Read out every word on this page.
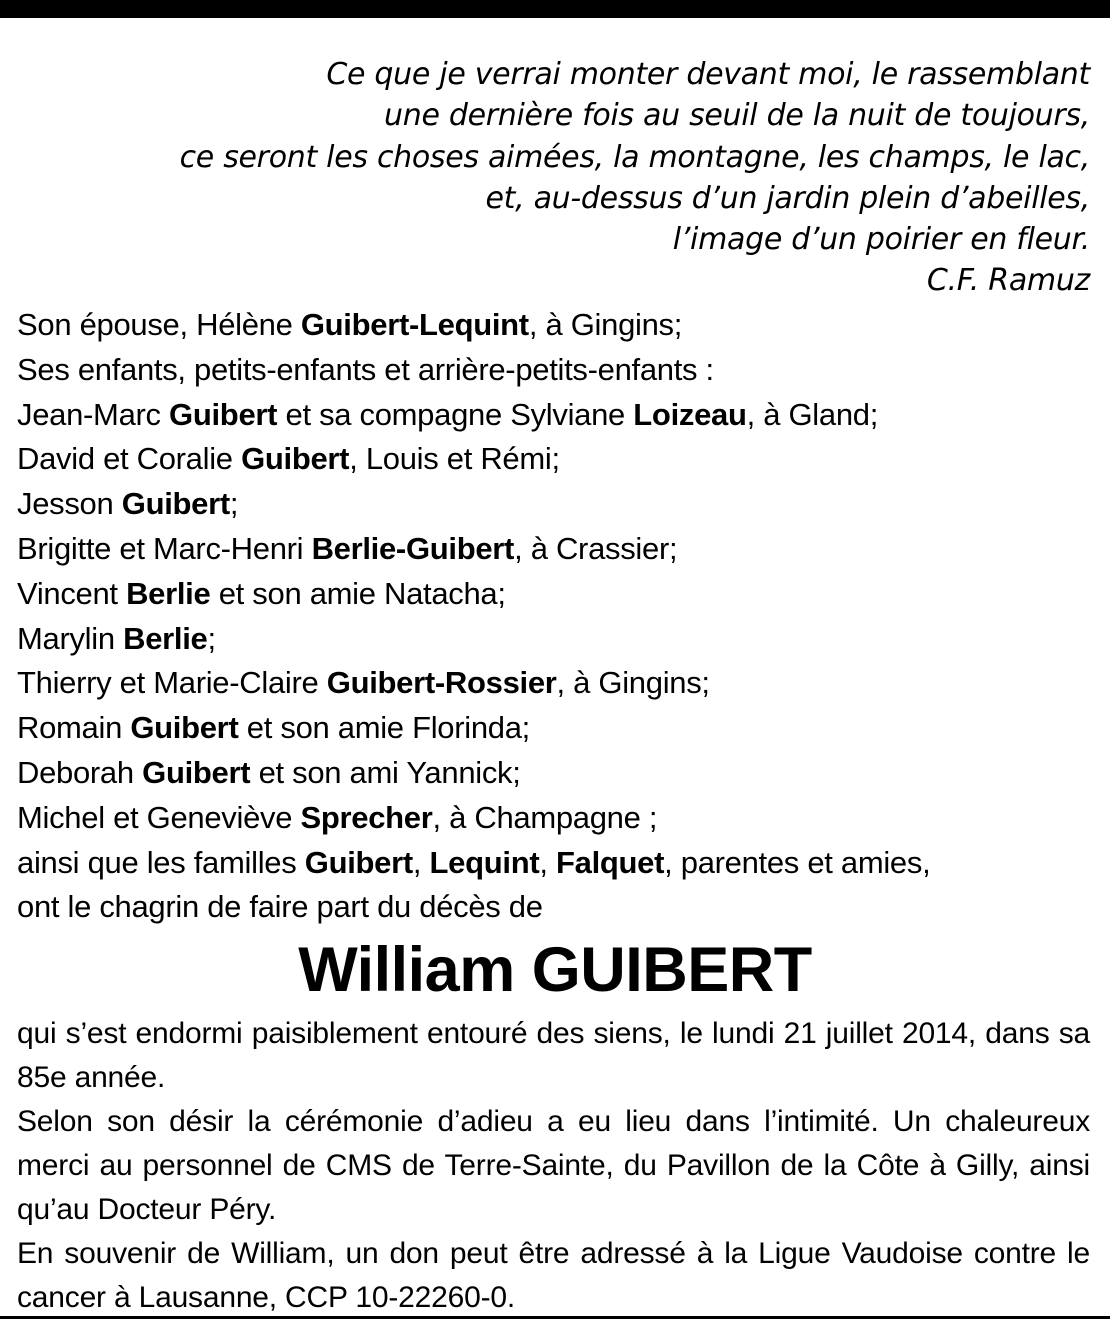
Ce que je verrai monter devant moi, le rassemblant
une dernière fois au seuil de la nuit de toujours,
ce seront les choses aimées, la montagne, les champs, le lac,
et, au-dessus d’un jardin plein d’abeilles,
l’image d’un poirier en fleur.
C.F. Ramuz
Son épouse, Hélène Guibert-Lequint, à Gingins;
Ses enfants, petits-enfants et arrière-petits-enfants :
Jean-Marc Guibert et sa compagne Sylviane Loizeau, à Gland;
David et Coralie Guibert, Louis et Rémi;
Jesson Guibert;
Brigitte et Marc-Henri Berlie-Guibert, à Crassier;
Vincent Berlie et son amie Natacha;
Marylin Berlie;
Thierry et Marie-Claire Guibert-Rossier, à Gingins;
Romain Guibert et son amie Florinda;
Deborah Guibert et son ami Yannick;
Michel et Geneviève Sprecher, à Champagne ;
ainsi que les familles Guibert, Lequint, Falquet, parentes et amies,
ont le chagrin de faire part du décès de
William GUIBERT
qui s’est endormi paisiblement entouré des siens, le lundi 21 juillet 2014, dans sa 85e année.
Selon son désir la cérémonie d’adieu a eu lieu dans l’intimité. Un chaleureux merci au personnel de CMS de Terre-Sainte, du Pavillon de la Côte à Gilly, ainsi qu’au Docteur Péry.
En souvenir de William, un don peut être adressé à la Ligue Vaudoise contre le cancer à Lausanne, CCP 10-22260-0.
